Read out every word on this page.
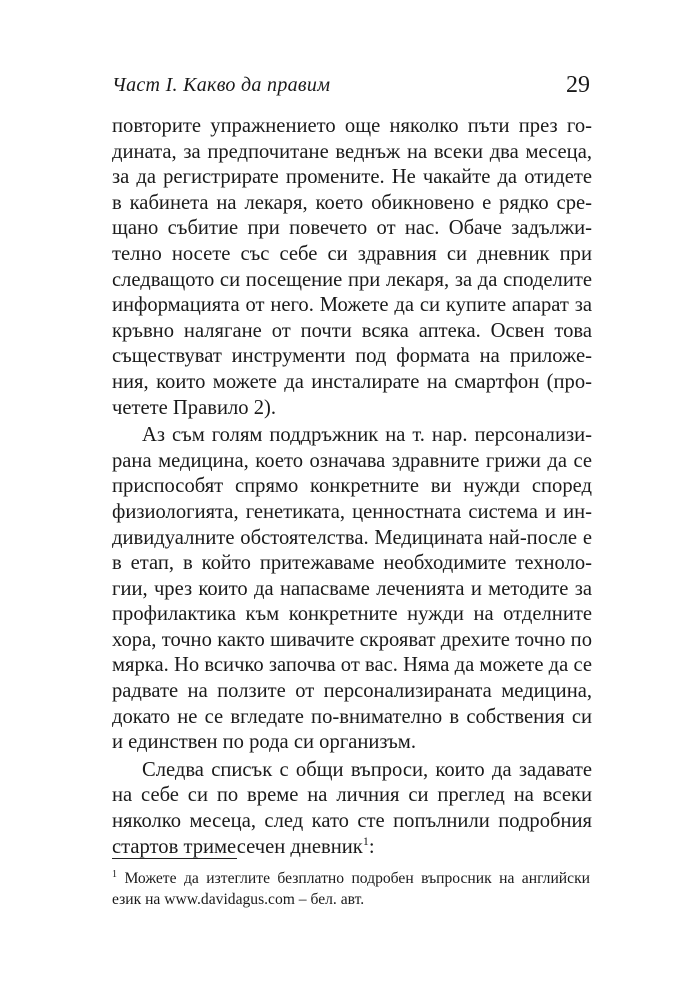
Част I. Какво да правим	29

повторите упражнението още няколко пъти през годината, за предпочитане веднъж на всеки два месеца, за да регистрирате промените. Не чакайте да отидете в кабинета на лекаря, което обикновено е рядко срещано събитие при повечето от нас. Обаче задължително носете със себе си здравния си дневник при следващото си посещение при лекаря, за да споделите информацията от него. Можете да си купите апарат за кръвно налягане от почти всяка аптека. Освен това съществуват инструменти под формата на приложения, които можете да инсталирате на смартфон (прочетете Правило 2).

Аз съм голям поддръжник на т. нар. персонализирана медицина, което означава здравните грижи да се приспособят спрямо конкретните ви нужди според физиологията, генетиката, ценностната система и индивидуалните обстоятелства. Медицината най-после е в етап, в който притежаваме необходимите технологии, чрез които да напасваме леченията и методите за профилактика към конкретните нужди на отделните хора, точно както шивачите скрояват дрехите точно по мярка. Но всичко започва от вас. Няма да можете да се радвате на ползите от персонализираната медицина, докато не се вгледате по-внимателно в собствения си и единствен по рода си организъм.

Следва списък с общи въпроси, които да задавате на себе си по време на личния си преглед на всеки няколко месеца, след като сте попълнили подробния стартов тримесечен дневник$^1$:

$^1$ Можете да изтеглите безплатно подробен въпросник на английски език на www.davidagus.com – бел. авт.
